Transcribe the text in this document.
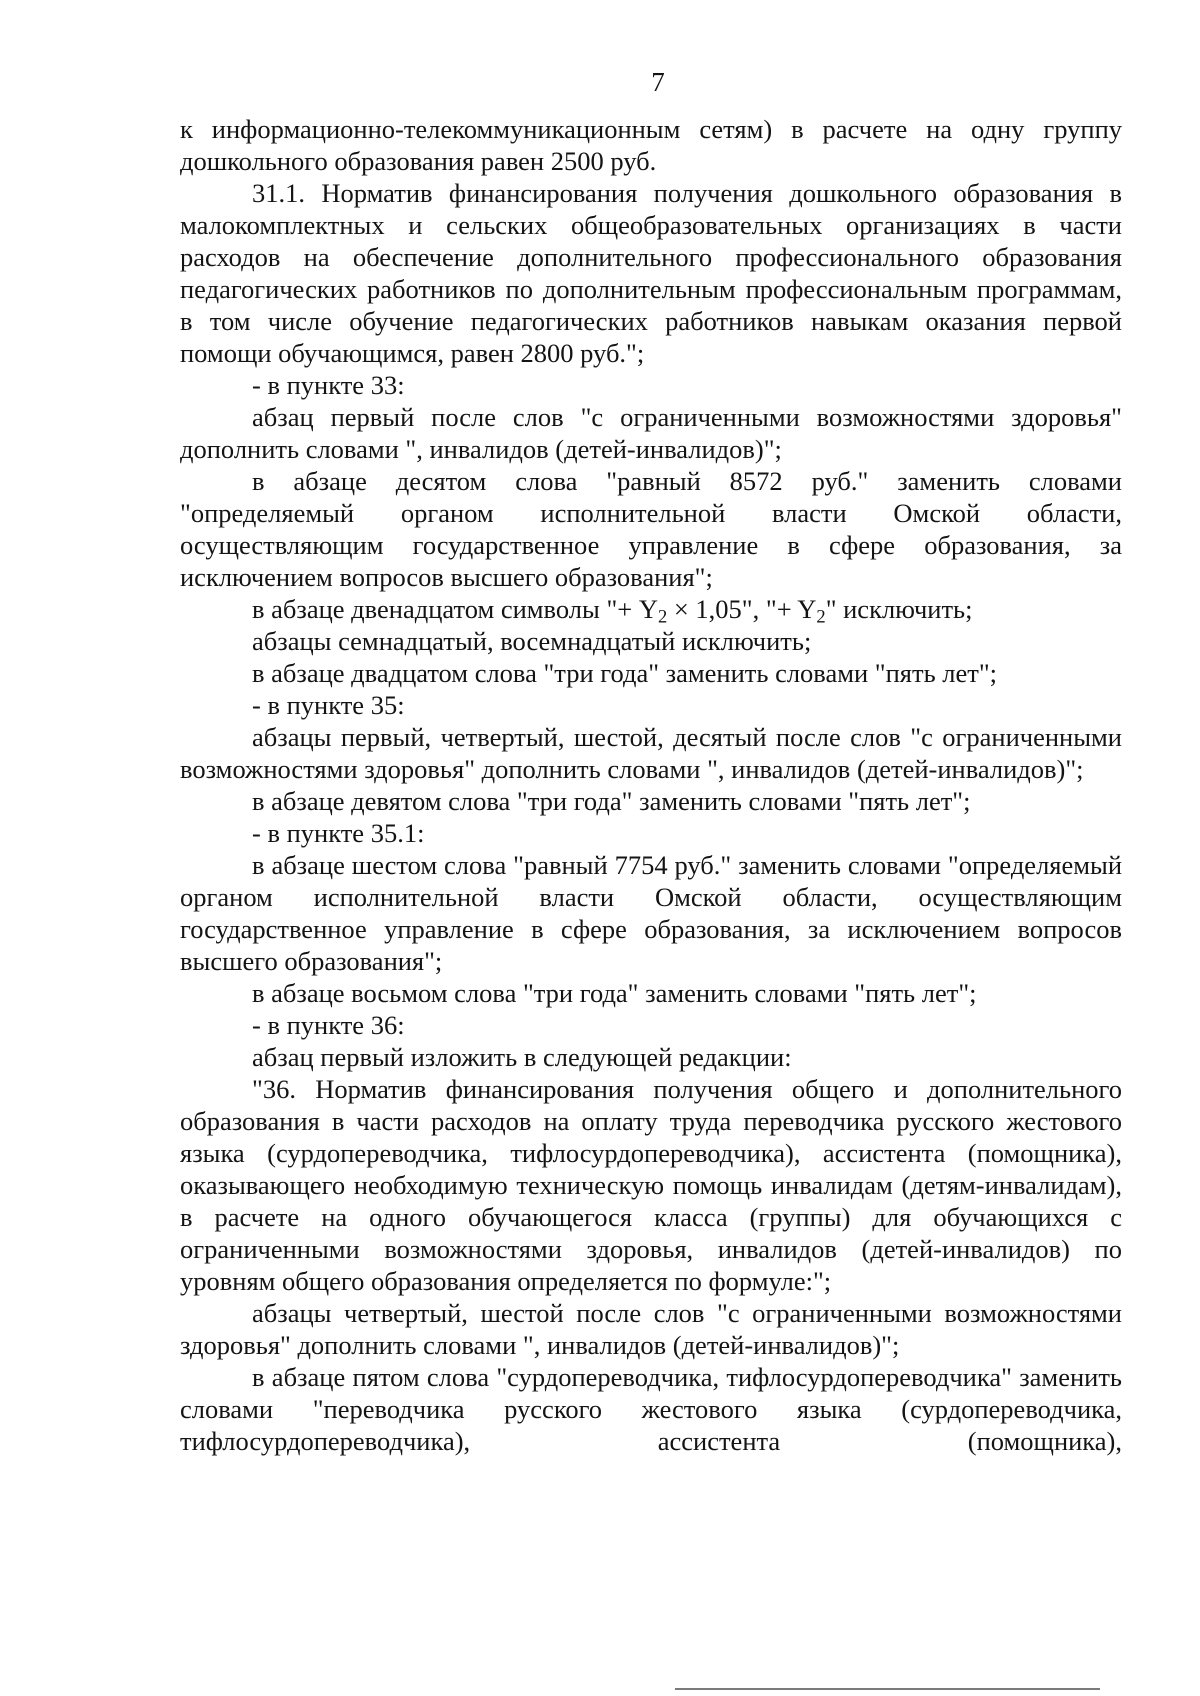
7

к информационно-телекоммуникационным сетям) в расчете на одну группу дошкольного образования равен 2500 руб.

31.1. Норматив финансирования получения дошкольного образования в малокомплектных и сельских общеобразовательных организациях в части расходов на обеспечение дополнительного профессионального образования педагогических работников по дополнительным профессиональным программам, в том числе обучение педагогических работников навыкам оказания первой помощи обучающимся, равен 2800 руб.";

- в пункте 33:

абзац первый после слов "с ограниченными возможностями здоровья" дополнить словами ", инвалидов (детей-инвалидов)";

в абзаце десятом слова "равный 8572 руб." заменить словами "определяемый органом исполнительной власти Омской области, осуществляющим государственное управление в сфере образования, за исключением вопросов высшего образования";

в абзаце двенадцатом символы "+ $Y_2 \times 1,05$", "+ $Y_2$" исключить;

абзацы семнадцатый, восемнадцатый исключить;

в абзаце двадцатом слова "три года" заменить словами "пять лет";

- в пункте 35:

абзацы первый, четвертый, шестой, десятый после слов "с ограниченными возможностями здоровья" дополнить словами ", инвалидов (детей-инвалидов)";

в абзаце девятом слова "три года" заменить словами "пять лет";

- в пункте 35.1:

в абзаце шестом слова "равный 7754 руб." заменить словами "определяемый органом исполнительной власти Омской области, осуществляющим государственное управление в сфере образования, за исключением вопросов высшего образования";

в абзаце восьмом слова "три года" заменить словами "пять лет";

- в пункте 36:

абзац первый изложить в следующей редакции:

"36. Норматив финансирования получения общего и дополнительного образования в части расходов на оплату труда переводчика русского жестового языка (сурдопереводчика, тифлосурдопереводчика), ассистента (помощника), оказывающего необходимую техническую помощь инвалидам (детям-инвалидам), в расчете на одного обучающегося класса (группы) для обучающихся с ограниченными возможностями здоровья, инвалидов (детей-инвалидов) по уровням общего образования определяется по формуле:";

абзацы четвертый, шестой после слов "с ограниченными возможностями здоровья" дополнить словами ", инвалидов (детей-инвалидов)";

в абзаце пятом слова "сурдопереводчика, тифлосурдопереводчика" заменить словами "переводчика русского жестового языка (сурдопереводчика, тифлосурдопереводчика), ассистента (помощника),
